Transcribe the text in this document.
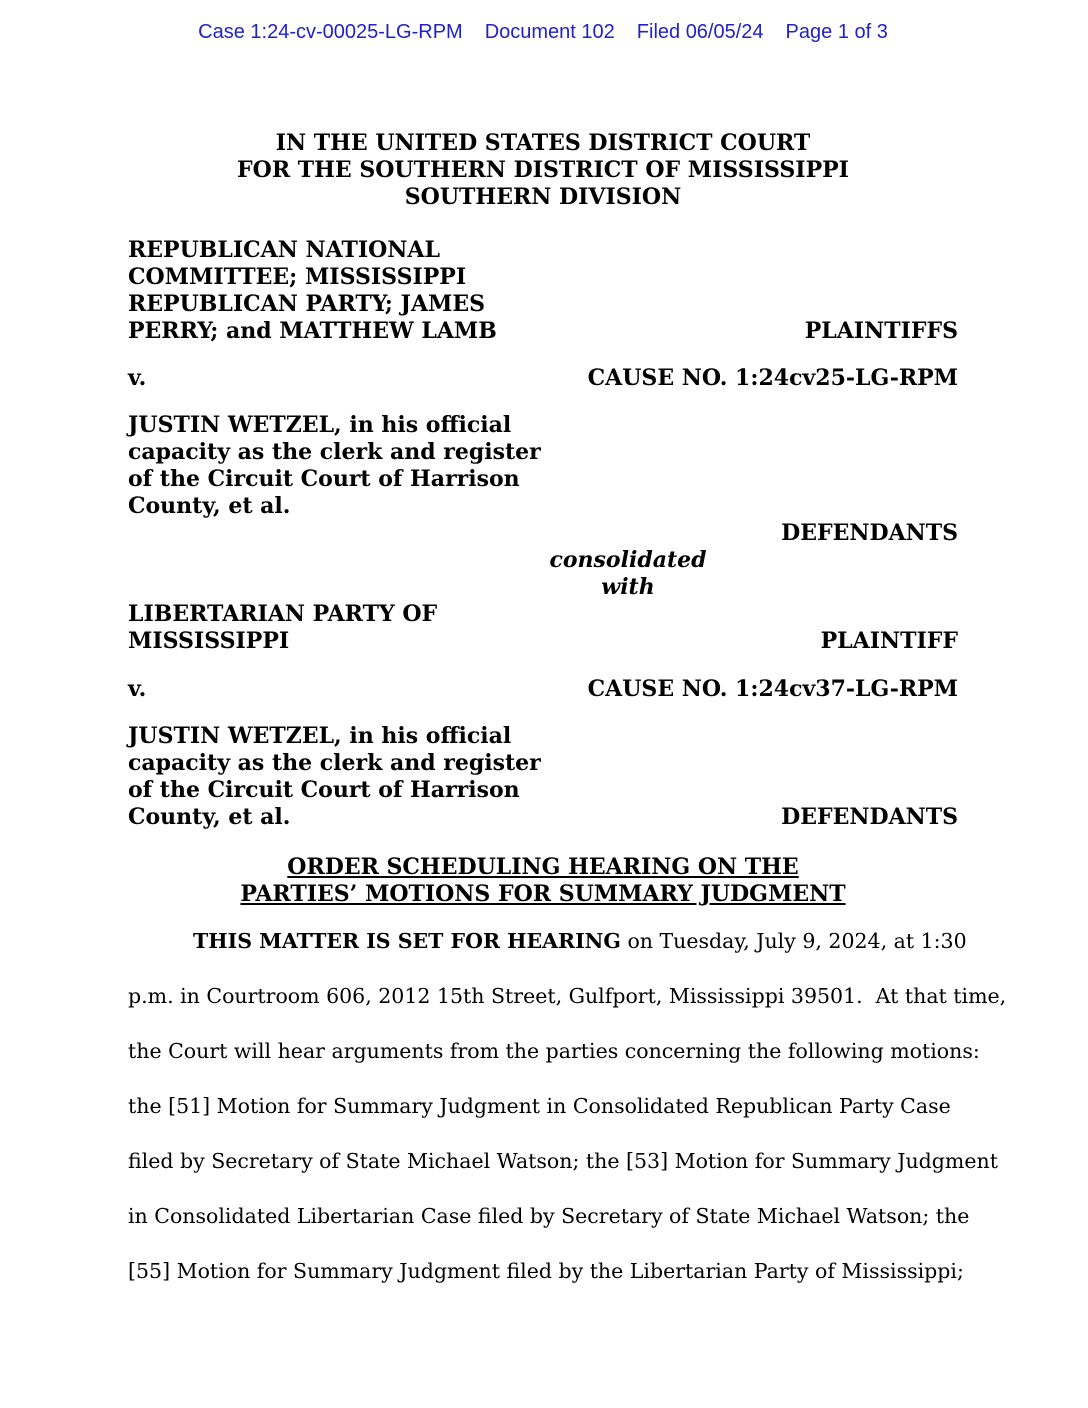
Case 1:24-cv-00025-LG-RPM Document 102 Filed 06/05/24 Page 1 of 3
IN THE UNITED STATES DISTRICT COURT
FOR THE SOUTHERN DISTRICT OF MISSISSIPPI
SOUTHERN DIVISION
REPUBLICAN NATIONAL
COMMITTEE; MISSISSIPPI
REPUBLICAN PARTY; JAMES
PERRY; and MATTHEW LAMB	PLAINTIFFS
v.	CAUSE NO. 1:24cv25-LG-RPM
JUSTIN WETZEL, in his official
capacity as the clerk and register
of the Circuit Court of Harrison
County, et al.
DEFENDANTS
consolidated
with
LIBERTARIAN PARTY OF
MISSISSIPPI	PLAINTIFF
v.	CAUSE NO. 1:24cv37-LG-RPM
JUSTIN WETZEL, in his official
capacity as the clerk and register
of the Circuit Court of Harrison
County, et al.	DEFENDANTS
ORDER SCHEDULING HEARING ON THE
PARTIES’ MOTIONS FOR SUMMARY JUDGMENT
THIS MATTER IS SET FOR HEARING on Tuesday, July 9, 2024, at 1:30
p.m. in Courtroom 606, 2012 15th Street, Gulfport, Mississippi 39501.  At that time,
the Court will hear arguments from the parties concerning the following motions:
the [51] Motion for Summary Judgment in Consolidated Republican Party Case
filed by Secretary of State Michael Watson; the [53] Motion for Summary Judgment
in Consolidated Libertarian Case filed by Secretary of State Michael Watson; the
[55] Motion for Summary Judgment filed by the Libertarian Party of Mississippi;
